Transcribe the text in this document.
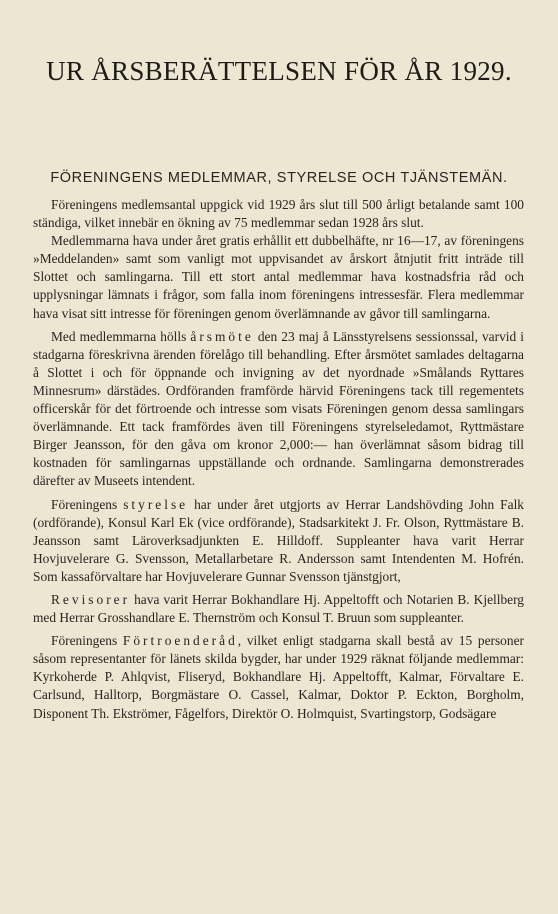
UR ÅRSBERÄTTELSEN FÖR ÅR 1929.
FÖRENINGENS MEDLEMMAR, STYRELSE OCH TJÄNSTEMÄN.

Föreningens medlemsantal uppgick vid 1929 års slut till 500 årligt betalande samt 100 ständiga, vilket innebär en ökning av 75 medlemmar sedan 1928 års slut.

Medlemmarna hava under året gratis erhållit ett dubbelhäfte, nr 16—17, av föreningens »Meddelanden» samt som vanligt mot uppvisandet av årskort åtnjutit fritt inträde till Slottet och samlingarna. Till ett stort antal medlemmar hava kostnadsfria råd och upplysningar lämnats i frågor, som falla inom föreningens intressesfär. Flera medlemmar hava visat sitt intresse för föreningen genom överlämnande av gåvor till samlingarna.

Med medlemmarna hölls årsmöte den 23 maj å Länsstyrelsens sessionssal, varvid i stadgarna föreskrivna ärenden förelågo till behandling. Efter årsmötet samlades deltagarna å Slottet i och för öppnande och invigning av det nyordnade »Smålands Ryttares Minnesrum» därstädes. Ordföranden framförde härvid Föreningens tack till regementets officerskår för det förtroende och intresse som visats Föreningen genom dessa samlingars överlämnande. Ett tack framfördes även till Föreningens styrelseledamot, Ryttmästare Birger Jeansson, för den gåva om kronor 2,000:— han överlämnat såsom bidrag till kostnaden för samlingarnas uppställande och ordnande. Samlingarna demonstrerades därefter av Museets intendent.

Föreningens styrelse har under året utgjorts av Herrar Landshövding John Falk (ordförande), Konsul Karl Ek (vice ordförande), Stadsarkitekt J. Fr. Olson, Ryttmästare B. Jeansson samt Läroverksadjunkten E. Hilldoff. Suppleanter hava varit Herrar Hovjuvelerare G. Svensson, Metallarbetare R. Andersson samt Intendenten M. Hofrén. Som kassaförvaltare har Hovjuvelerare Gunnar Svensson tjänstgjort,

Revisorer hava varit Herrar Bokhandlare Hj. Appeltofft och Notarien B. Kjellberg med Herrar Grosshandlare E. Thernström och Konsul T. Bruun som suppleanter.

Föreningens Förtroenderåd, vilket enligt stadgarna skall bestå av 15 personer såsom representanter för länets skilda bygder, har under 1929 räknat följande medlemmar: Kyrkoherde P. Ahlqvist, Fliseryd, Bokhandlare Hj. Appeltofft, Kalmar, Förvaltare E. Carlsund, Halltorp, Borgmästare O. Cassel, Kalmar, Doktor P. Eckton, Borgholm, Disponent Th. Ekströmer, Fågelfors, Direktör O. Holmquist, Svartingstorp, Godsägare
